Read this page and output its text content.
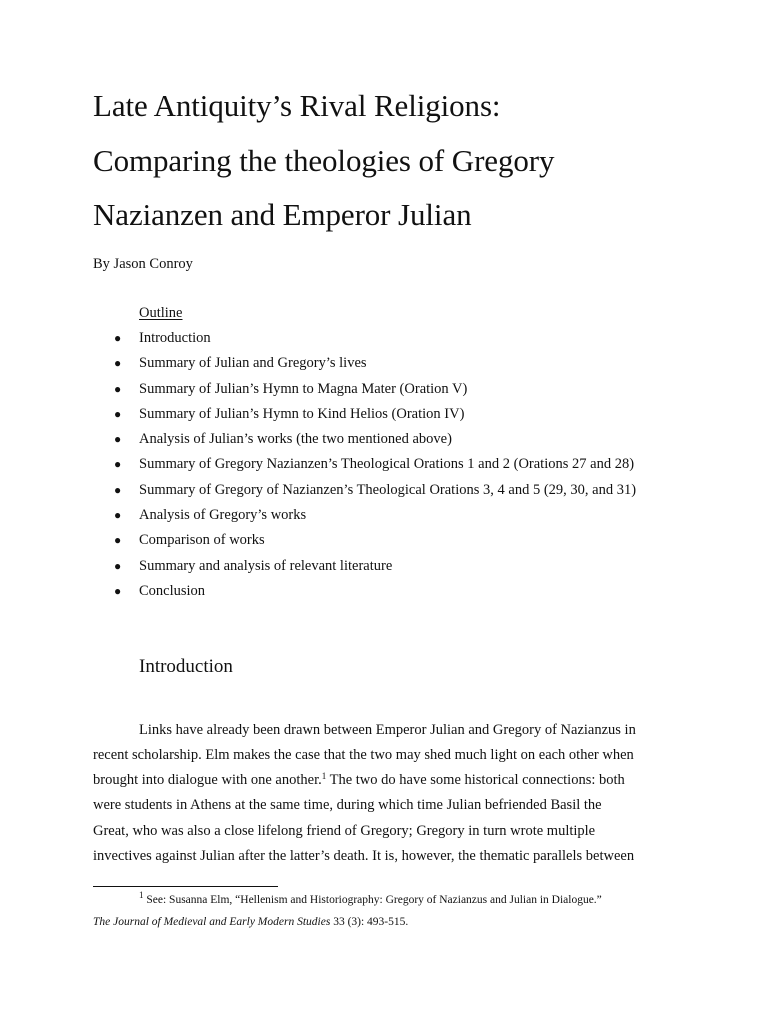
Late Antiquity’s Rival Religions:
Comparing the theologies of Gregory
Nazianzen and Emperor Julian
By Jason Conroy
Outline
● Introduction
● Summary of Julian and Gregory’s lives
● Summary of Julian’s Hymn to Magna Mater (Oration V)
● Summary of Julian’s Hymn to Kind Helios (Oration IV)
● Analysis of Julian’s works (the two mentioned above)
● Summary of Gregory Nazianzen’s Theological Orations 1 and 2 (Orations 27 and 28)
● Summary of Gregory of Nazianzen’s Theological Orations 3, 4 and 5 (29, 30, and 31)
● Analysis of Gregory’s works
● Comparison of works
● Summary and analysis of relevant literature
● Conclusion
Introduction
Links have already been drawn between Emperor Julian and Gregory of Nazianzus in
recent scholarship. Elm makes the case that the two may shed much light on each other when
brought into dialogue with one another.$^1$ The two do have some historical connections: both
were students in Athens at the same time, during which time Julian befriended Basil the
Great, who was also a close lifelong friend of Gregory; Gregory in turn wrote multiple
invectives against Julian after the latter’s death. It is, however, the thematic parallels between
$^1$ See: Susanna Elm, “Hellenism and Historiography: Gregory of Nazianzus and Julian in Dialogue.”
The Journal of Medieval and Early Modern Studies 33 (3): 493-515.
